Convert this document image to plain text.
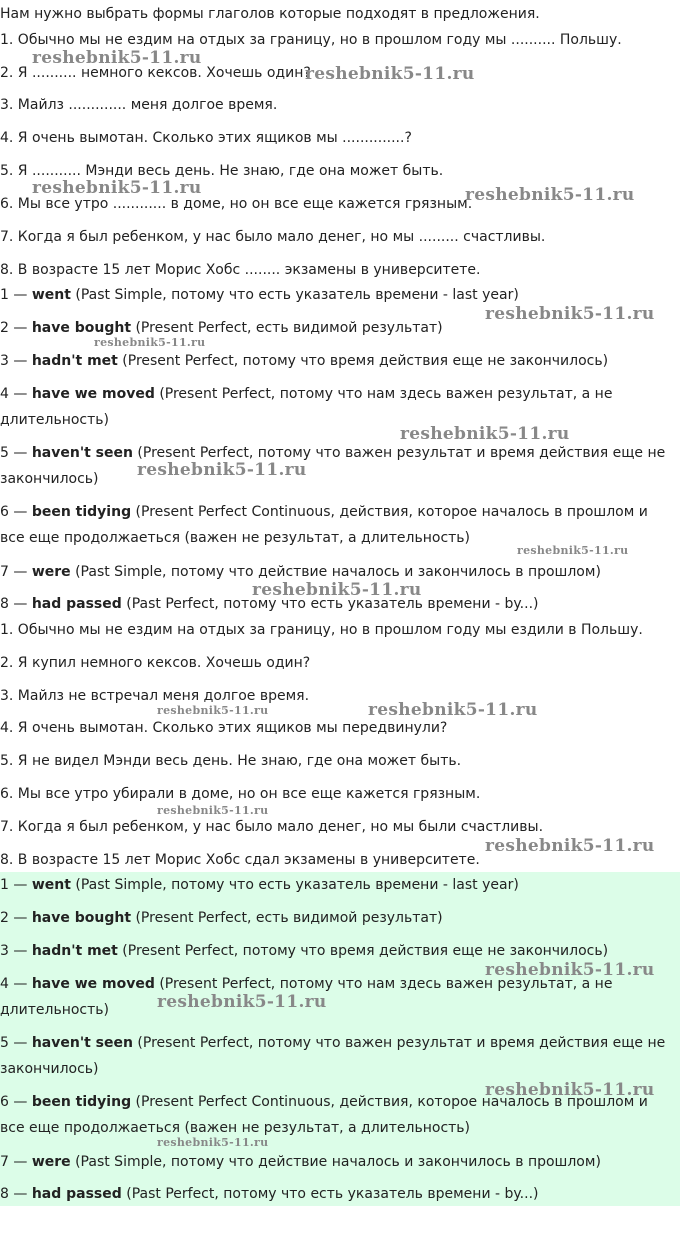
Нам нужно выбрать формы глаголов которые подходят в предложения.
1. Обычно мы не ездим на отдых за границу, но в прошлом году мы .......... Польшу.
2. Я .......... немного кексов. Хочешь один?
3. Майлз ............. меня долгое время.
4. Я очень вымотан. Сколько этих ящиков мы ..............?
5. Я ........... Мэнди весь день. Не знаю, где она может быть.
6. Мы все утро ............ в доме, но он все еще кажется грязным.
7. Когда я был ребенком, у нас было мало денег, но мы ......... счастливы.
8. В возрасте 15 лет Морис Хобс ........ экзамены в университете.
1 — went (Past Simple, потому что есть указатель времени - last year)
2 — have bought (Present Perfect, есть видимой результат)
3 — hadn't met (Present Perfect, потому что время действия еще не закончилось)
4 — have we moved (Present Perfect, потому что нам здесь важен результат, а не длительность)
5 — haven't seen (Present Perfect, потому что важен результат и время действия еще не закончилось)
6 — been tidying (Present Perfect Continuous, действия, которое началось в прошлом и все еще продолжаеться (важен не результат, а длительность)
7 — were (Past Simple, потому что действие началось и закончилось в прошлом)
8 — had passed (Past Perfect, потому что есть указатель времени - by...)
1. Обычно мы не ездим на отдых за границу, но в прошлом году мы ездили в Польшу.
2. Я купил немного кексов. Хочешь один?
3. Майлз не встречал меня долгое время.
4. Я очень вымотан. Сколько этих ящиков мы передвинули?
5. Я не видел Мэнди весь день. Не знаю, где она может быть.
6. Мы все утро убирали в доме, но он все еще кажется грязным.
7. Когда я был ребенком, у нас было мало денег, но мы были счастливы.
8. В возрасте 15 лет Морис Хобс сдал экзамены в университете.
1 — went (Past Simple, потому что есть указатель времени - last year)
2 — have bought (Present Perfect, есть видимой результат)
3 — hadn't met (Present Perfect, потому что время действия еще не закончилось)
4 — have we moved (Present Perfect, потому что нам здесь важен результат, а не длительность)
5 — haven't seen (Present Perfect, потому что важен результат и время действия еще не закончилось)
6 — been tidying (Present Perfect Continuous, действия, которое началось в прошлом и все еще продолжаеться (важен не результат, а длительность)
7 — were (Past Simple, потому что действие началось и закончилось в прошлом)
8 — had passed (Past Perfect, потому что есть указатель времени - by...)
reshebnik5-11.ru
reshebnik5-11.ru
reshebnik5-11.ru	reshebnik5-11.ru
reshebnik5-11.ru
reshebnik5-11.ru
reshebnik5-11.ru
reshebnik5-11.ru
reshebnik5-11.ru
reshebnik5-11.ru
reshebnik5-11.ru	reshebnik5-11.ru
reshebnik5-11.ru
reshebnik5-11.ru
reshebnik5-11.ru
reshebnik5-11.ru
reshebnik5-11.ru
reshebnik5-11.ru
